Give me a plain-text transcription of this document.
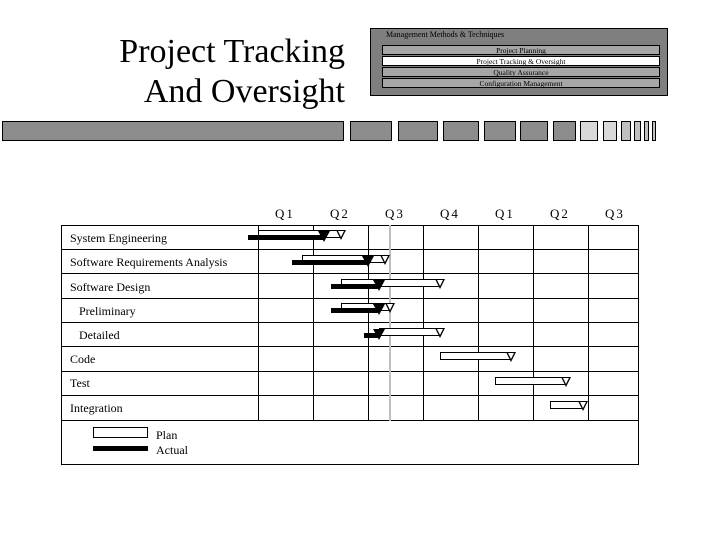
Project Tracking
And Oversight
Management Methods & Techniques
Project Planning
Project Tracking & Oversight
Quality Assurance
Configuration Management
Q1	Q2	Q3	Q4	Q1	Q2	Q3
System Engineering
Software Requirements Analysis
Software Design
Preliminary
Detailed
Code
Test
Integration
Plan
Actual
